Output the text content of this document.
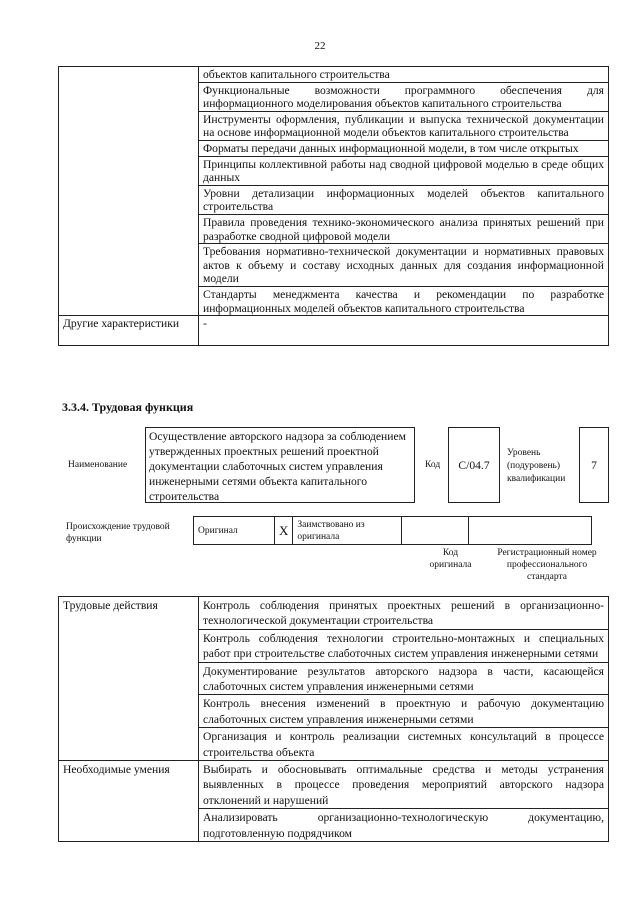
22
	объектов капитального строительства
	Функциональные возможности программного обеспечения для информационного моделирования объектов капитального строительства
	Инструменты оформления, публикации и выпуска технической документации на основе информационной модели объектов капитального строительства
	Форматы передачи данных информационной модели, в том числе открытых
	Принципы коллективной работы над сводной цифровой моделью в среде общих данных
	Уровни детализации информационных моделей объектов капитального строительства
	Правила проведения технико-экономического анализа принятых решений при разработке сводной цифровой модели
	Требования нормативно-технической документации и нормативных правовых актов к объему и составу исходных данных для создания информационной модели
	Стандарты менеджмента качества и рекомендации по разработке информационных моделей объектов капитального строительства
Другие характеристики	-
3.3.4. Трудовая функция
Наименование
Осуществление авторского надзора за соблюдением утвержденных проектных решений проектной документации слаботочных систем управления инженерными сетями объекта капитального строительства
Код	C/04.7
Уровень
(подуровень)
квалификации
7
Происхождение трудовой
функции
Оригинал	X	Заимствовано из
оригинала		
Код
оригинала
Регистрационный номер
профессионального
стандарта
Трудовые действия	Контроль соблюдения принятых проектных решений в организационно-технологической документации строительства
	Контроль соблюдения технологии строительно-монтажных и специальных работ при строительстве слаботочных систем управления инженерными сетями
	Документирование результатов авторского надзора в части, касающейся слаботочных систем управления инженерными сетями
	Контроль внесения изменений в проектную и рабочую документацию слаботочных систем управления инженерными сетями
	Организация и контроль реализации системных консультаций в процессе строительства объекта
Необходимые умения	Выбирать и обосновывать оптимальные средства и методы устранения выявленных в процессе проведения мероприятий авторского надзора отклонений и нарушений
	Анализировать организационно-технологическую документацию, подготовленную подрядчиком
